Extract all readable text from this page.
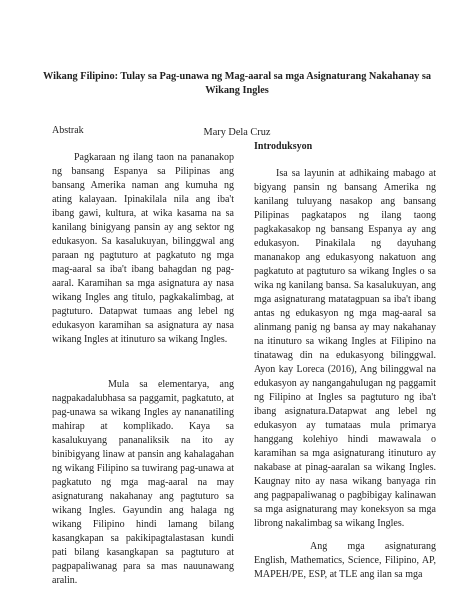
Wikang Filipino: Tulay sa Pag-unawa ng Mag-aaral sa mga Asignaturang Nakahanay sa Wikang Ingles
Mary Dela Cruz
Abstrak

Pagkaraan ng ilang taon na pananakop ng bansang Espanya sa Pilipinas ang bansang Amerika naman ang kumuha ng ating kalayaan. Ipinakilala nila ang iba't ibang gawi, kultura, at wika kasama na sa kanilang binigyang pansin ay ang sektor ng edukasyon. Sa kasalukuyan, bilinggwal ang paraan ng pagtuturo at pagkatuto ng mga mag-aaral sa iba't ibang bahagdan ng pag-aaral. Karamihan sa mga asignatura ay nasa wikang Ingles ang titulo, pagkakalimbag, at pagtuturo. Datapwat tumaas ang lebel ng edukasyon karamihan sa asignatura ay nasa wikang Ingles at itinuturo sa wikang Ingles.

Mula sa elementarya, ang nagpakadalubhasa sa paggamit, pagkatuto, at pag-unawa sa wikang Ingles ay nananatiling mahirap at komplikado. Kaya sa kasalukuyang pananaliksik na ito ay binibigyang linaw at pansin ang kahalagahan ng wikang Filipino sa tuwirang pag-unawa at pagkatuto ng mga mag-aaral na may asignaturang nakahanay ang pagtuturo sa wikang Ingles. Gayundin ang halaga ng wikang Filipino hindi lamang bilang kasangkapan sa pakikipagtalastasan kundi pati bilang kasangkapan sa pagtuturo at pagpapaliwanag para sa mas nauunawang aralin.

Introduksyon

Isa sa layunin at adhikaing mabago at bigyang pansin ng bansang Amerika ng kanilang tuluyang nasakop ang bansang Pilipinas pagkatapos ng ilang taong pagkakasakop ng bansang Espanya ay ang edukasyon. Pinakilala ng dayuhang mananakop ang edukasyong nakatuon ang pagkatuto at pagtuturo sa wikang Ingles o sa wika ng kanilang bansa. Sa kasalukuyan, ang mga asignaturang matatagpuan sa iba't ibang antas ng edukasyon ng mga mag-aaral sa alinmang panig ng bansa ay may nakahanay na itinuturo sa wikang Ingles at Filipino na tinatawag din na edukasyong bilinggwal. Ayon kay Loreca (2016), Ang bilinggwal na edukasyon ay nangangahulugan ng paggamit ng Filipino at Ingles sa pagtuturo ng iba't ibang asignatura.Datapwat ang lebel ng edukasyon ay tumataas mula primarya hanggang kolehiyo hindi mawawala o karamihan sa mga asignaturang itinuturo ay nakabase at pinag-aaralan sa wikang Ingles. Kaugnay nito ay nasa wikang banyaga rin ang pagpapaliwanag o pagbibigay kalinawan sa mga asignaturang may koneksyon sa mga librong nakalimbag sa wikang Ingles.

Ang mga asignaturang English, Mathematics, Science, Filipino, AP, MAPEH/PE, ESP, at TLE ang ilan sa mga
